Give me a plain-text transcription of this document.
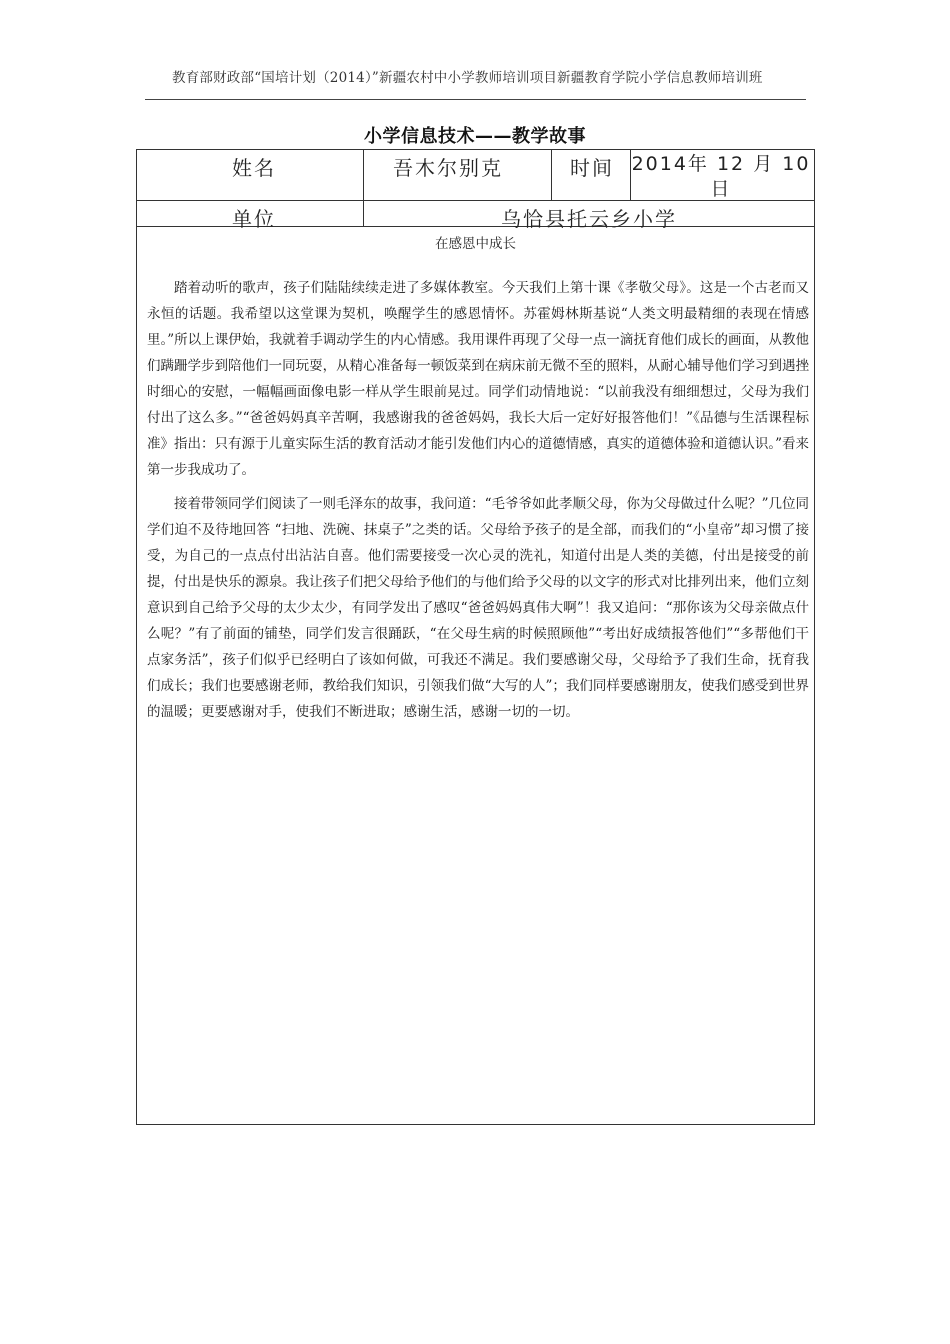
教育部财政部“国培计划（2014）”新疆农村中小学教师培训项目新疆教育学院小学信息教师培训班
小学信息技术——教学故事
姓名	吾木尔别克	时间 2014年 12 月 10日
单位	乌恰县托云乡小学
在感恩中成长

踏着动听的歌声，孩子们陆陆续续走进了多媒体教室。今天我们上第十课《孝敬父母》。这是一个古老而又永恒的话题。我希望以这堂课为契机，唤醒学生的感恩情怀。苏霍姆林斯基说“人类文明最精细的表现在情感里。”所以上课伊始，我就着手调动学生的内心情感。我用课件再现了父母一点一滴抚育他们成长的画面，从教他们蹒跚学步到陪他们一同玩耍，从精心准备每一顿饭菜到在病床前无微不至的照料，从耐心辅导他们学习到遇挫时细心的安慰，一幅幅画面像电影一样从学生眼前晃过。同学们动情地说：“以前我没有细细想过，父母为我们付出了这么多。”“爸爸妈妈真辛苦啊，我感谢我的爸爸妈妈，我长大后一定好好报答他们！”《品德与生活课程标准》指出：只有源于儿童实际生活的教育活动才能引发他们内心的道德情感，真实的道德体验和道德认识。”看来第一步我成功了。

接着带领同学们阅读了一则毛泽东的故事，我问道：“毛爷爷如此孝顺父母，你为父母做过什么呢？”几位同学们迫不及待地回答 “扫地、洗碗、抹桌子”之类的话。父母给予孩子的是全部，而我们的“小皇帝”却习惯了接受，为自己的一点点付出沾沾自喜。他们需要接受一次心灵的洗礼，知道付出是人类的美德，付出是接受的前提，付出是快乐的源泉。我让孩子们把父母给予他们的与他们给予父母的以文字的形式对比排列出来，他们立刻意识到自己给予父母的太少太少，有同学发出了感叹“爸爸妈妈真伟大啊”！我又追问：“那你该为父母亲做点什么呢？”有了前面的铺垫，同学们发言很踊跃，“在父母生病的时候照顾他”“考出好成绩报答他们”“多帮他们干点家务活”，孩子们似乎已经明白了该如何做，可我还不满足。我们要感谢父母，父母给予了我们生命，抚育我们成长；我们也要感谢老师，教给我们知识，引领我们做“大写的人”；我们同样要感谢朋友，使我们感受到世界的温暖；更要感谢对手，使我们不断进取；感谢生活，感谢一切的一切。
